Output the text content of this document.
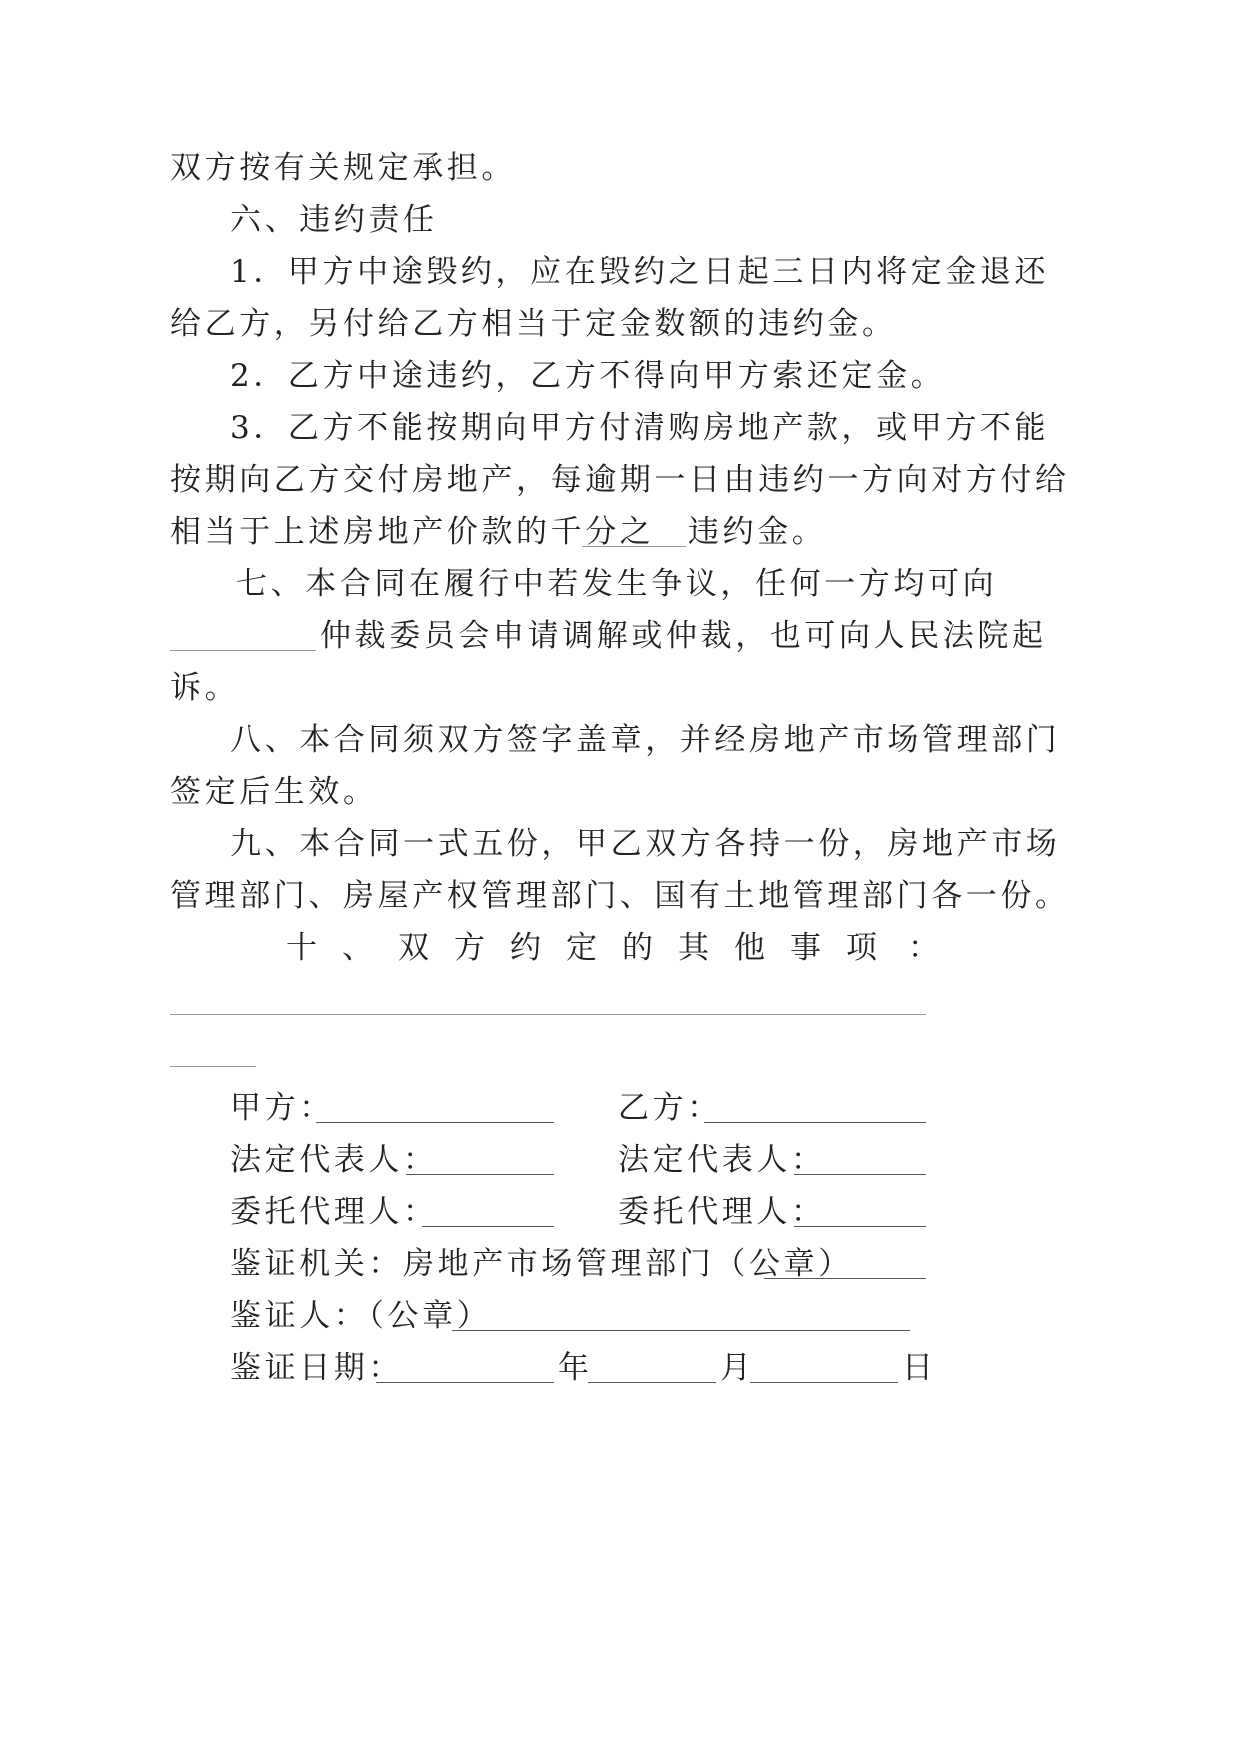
双方按有关规定承担。
六、违约责任
1．甲方中途毁约，应在毁约之日起三日内将定金退还
给乙方，另付给乙方相当于定金数额的违约金。
2．乙方中途违约，乙方不得向甲方索还定金。
3．乙方不能按期向甲方付清购房地产款，或甲方不能
按期向乙方交付房地产，每逾期一日由违约一方向对方付给
相当于上述房地产价款的千分之 违约金。
七、本合同在履行中若发生争议，任何一方均可向
仲裁委员会申请调解或仲裁，也可向人民法院起
诉。
八、本合同须双方签字盖章，并经房地产市场管理部门
签定后生效。
九、本合同一式五份，甲乙双方各持一份，房地产市场
管理部门、房屋产权管理部门、国有土地管理部门各一份。
十 、 双 方 约 定 的 其 他 事 项 ：
甲方：	乙方：
法定代表人：	法定代表人：
委托代理人：	委托代理人：
鉴证机关：房地产市场管理部门（公章）
鉴证人：（公章）
鉴证日期：	年	月	日
